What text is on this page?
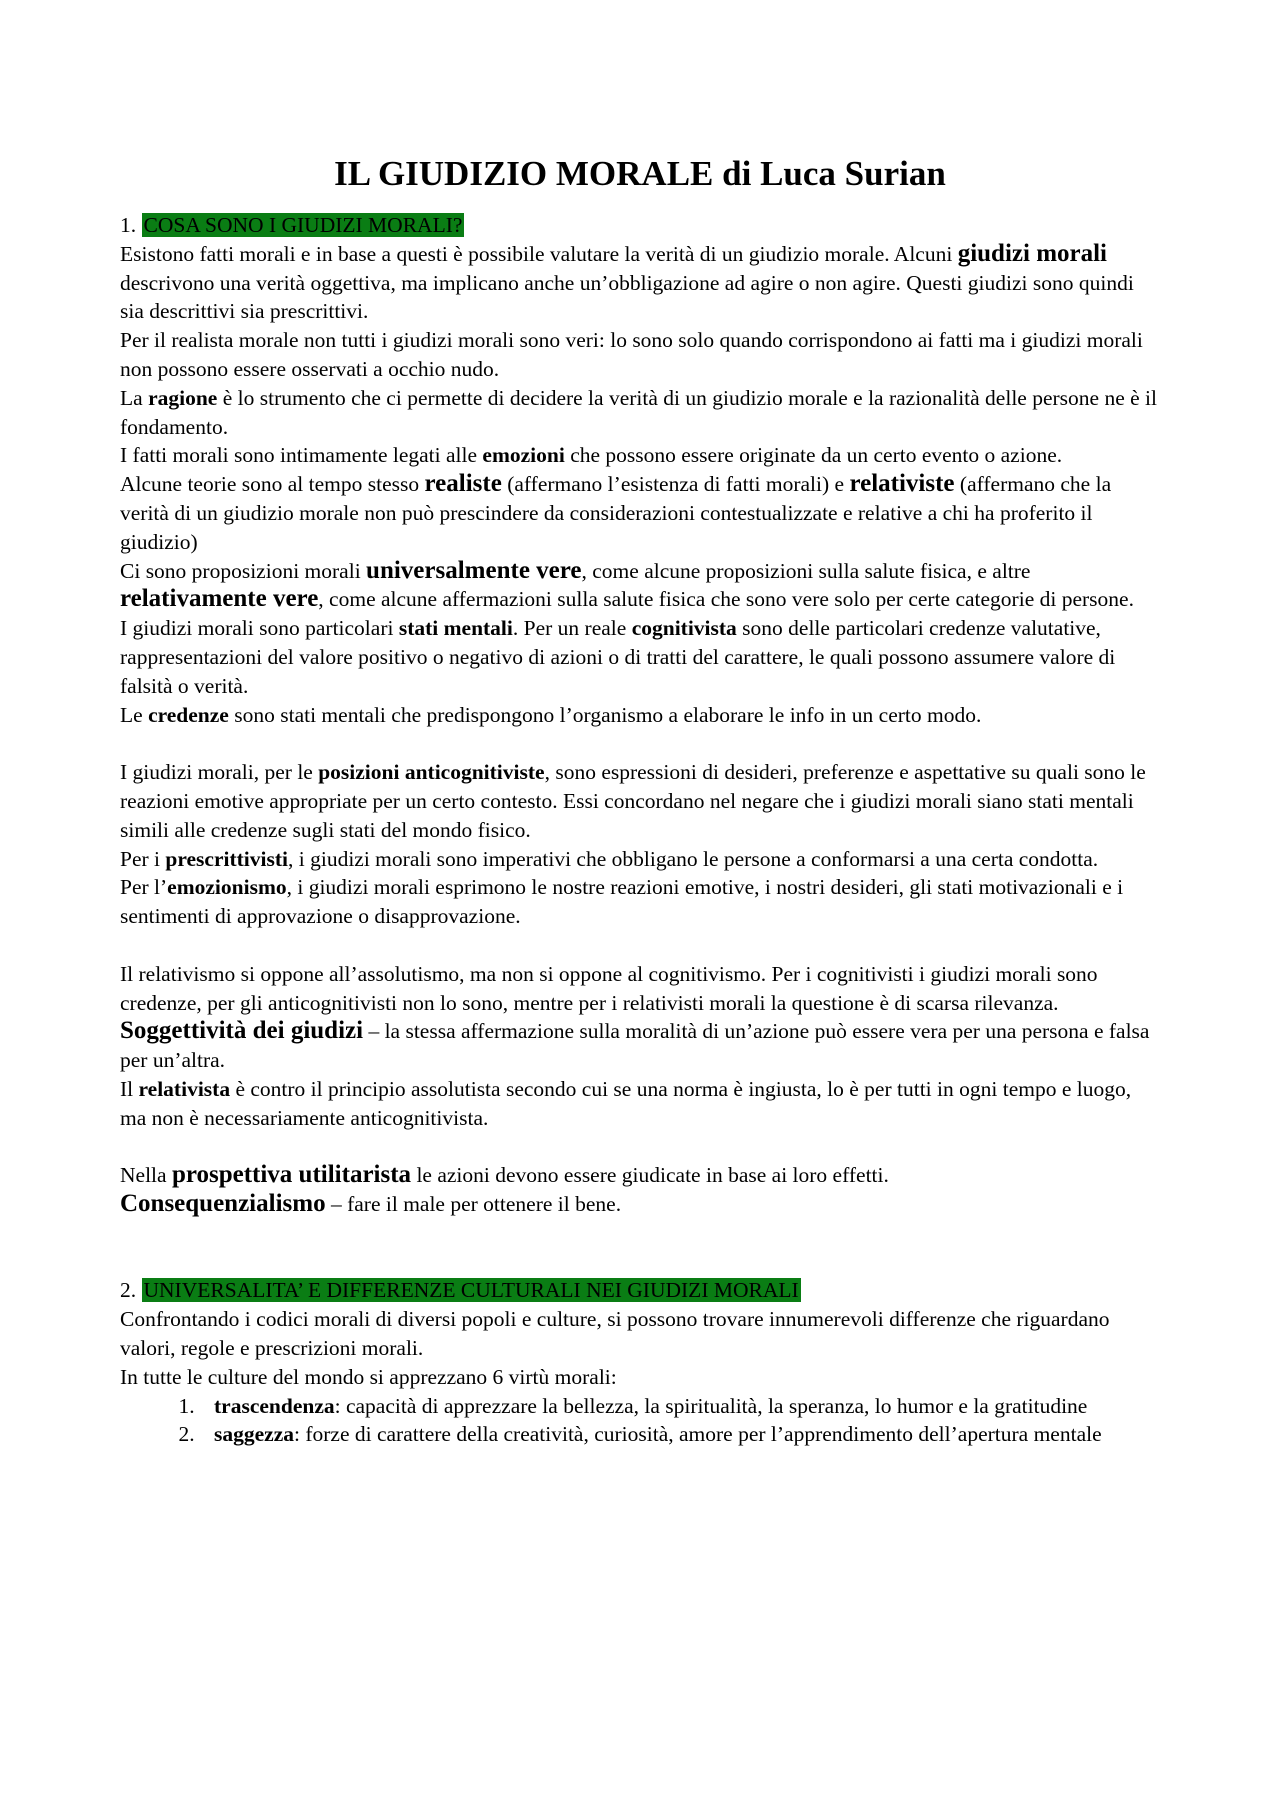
IL GIUDIZIO MORALE di Luca Surian

1. COSA SONO I GIUDIZI MORALI?

Esistono fatti morali e in base a questi è possibile valutare la verità di un giudizio morale. Alcuni giudizi morali descrivono una verità oggettiva, ma implicano anche un’obbligazione ad agire o non agire. Questi giudizi sono quindi sia descrittivi sia prescrittivi.

Per il realista morale non tutti i giudizi morali sono veri: lo sono solo quando corrispondono ai fatti ma i giudizi morali non possono essere osservati a occhio nudo.

La ragione è lo strumento che ci permette di decidere la verità di un giudizio morale e la razionalità delle persone ne è il fondamento.

I fatti morali sono intimamente legati alle emozioni che possono essere originate da un certo evento o azione.

Alcune teorie sono al tempo stesso realiste (affermano l’esistenza di fatti morali) e relativiste (affermano che la verità di un giudizio morale non può prescindere da considerazioni contestualizzate e relative a chi ha proferito il giudizio)

Ci sono proposizioni morali universalmente vere, come alcune proposizioni sulla salute fisica, e altre relativamente vere, come alcune affermazioni sulla salute fisica che sono vere solo per certe categorie di persone.

I giudizi morali sono particolari stati mentali. Per un reale cognitivista sono delle particolari credenze valutative, rappresentazioni del valore positivo o negativo di azioni o di tratti del carattere, le quali possono assumere valore di falsità o verità.

Le credenze sono stati mentali che predispongono l’organismo a elaborare le info in un certo modo.

I giudizi morali, per le posizioni anticognitiviste, sono espressioni di desideri, preferenze e aspettative su quali sono le reazioni emotive appropriate per un certo contesto. Essi concordano nel negare che i giudizi morali siano stati mentali simili alle credenze sugli stati del mondo fisico.

Per i prescrittivisti, i giudizi morali sono imperativi che obbligano le persone a conformarsi a una certa condotta.

Per l’emozionismo, i giudizi morali esprimono le nostre reazioni emotive, i nostri desideri, gli stati motivazionali e i sentimenti di approvazione o disapprovazione.

Il relativismo si oppone all’assolutismo, ma non si oppone al cognitivismo. Per i cognitivisti i giudizi morali sono credenze, per gli anticognitivisti non lo sono, mentre per i relativisti morali la questione è di scarsa rilevanza.

Soggettività dei giudizi – la stessa affermazione sulla moralità di un’azione può essere vera per una persona e falsa per un’altra.

Il relativista è contro il principio assolutista secondo cui se una norma è ingiusta, lo è per tutti in ogni tempo e luogo, ma non è necessariamente anticognitivista.

Nella prospettiva utilitarista le azioni devono essere giudicate in base ai loro effetti.

Consequenzialismo – fare il male per ottenere il bene.

2. UNIVERSALITA’ E DIFFERENZE CULTURALI NEI GIUDIZI MORALI

Confrontando i codici morali di diversi popoli e culture, si possono trovare innumerevoli differenze che riguardano valori, regole e prescrizioni morali.

In tutte le culture del mondo si apprezzano 6 virtù morali:

1. trascendenza: capacità di apprezzare la bellezza, la spiritualità, la speranza, lo humor e la gratitudine
2. saggezza: forze di carattere della creatività, curiosità, amore per l’apprendimento dell’apertura mentale
